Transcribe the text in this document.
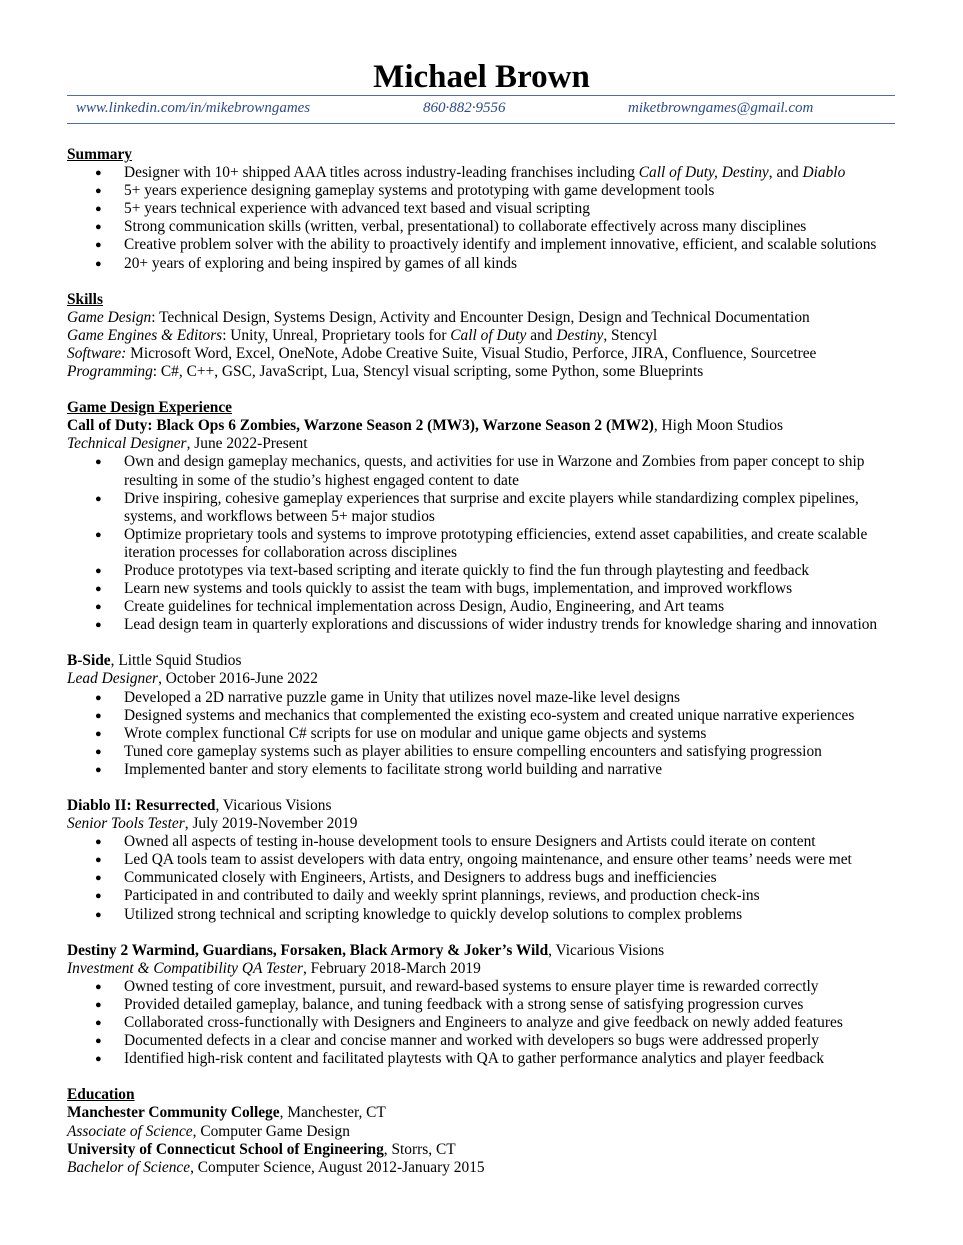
Michael Brown
www.linkedin.com/in/mikebrowngames	860·882·9556	miketbrowngames@gmail.com
Summary
● Designer with 10+ shipped AAA titles across industry-leading franchises including Call of Duty, Destiny, and Diablo
● 5+ years experience designing gameplay systems and prototyping with game development tools
● 5+ years technical experience with advanced text based and visual scripting
● Strong communication skills (written, verbal, presentational) to collaborate effectively across many disciplines
● Creative problem solver with the ability to proactively identify and implement innovative, efficient, and scalable solutions
● 20+ years of exploring and being inspired by games of all kinds
Skills
Game Design: Technical Design, Systems Design, Activity and Encounter Design, Design and Technical Documentation
Game Engines & Editors: Unity, Unreal, Proprietary tools for Call of Duty and Destiny, Stencyl
Software: Microsoft Word, Excel, OneNote, Adobe Creative Suite, Visual Studio, Perforce, JIRA, Confluence, Sourcetree
Programming: C#, C++, GSC, JavaScript, Lua, Stencyl visual scripting, some Python, some Blueprints
Game Design Experience
Call of Duty: Black Ops 6 Zombies, Warzone Season 2 (MW3), Warzone Season 2 (MW2), High Moon Studios
Technical Designer, June 2022-Present
● Own and design gameplay mechanics, quests, and activities for use in Warzone and Zombies from paper concept to ship resulting in some of the studio’s highest engaged content to date
● Drive inspiring, cohesive gameplay experiences that surprise and excite players while standardizing complex pipelines, systems, and workflows between 5+ major studios
● Optimize proprietary tools and systems to improve prototyping efficiencies, extend asset capabilities, and create scalable iteration processes for collaboration across disciplines
● Produce prototypes via text-based scripting and iterate quickly to find the fun through playtesting and feedback
● Learn new systems and tools quickly to assist the team with bugs, implementation, and improved workflows
● Create guidelines for technical implementation across Design, Audio, Engineering, and Art teams
● Lead design team in quarterly explorations and discussions of wider industry trends for knowledge sharing and innovation
B-Side, Little Squid Studios
Lead Designer, October 2016-June 2022
● Developed a 2D narrative puzzle game in Unity that utilizes novel maze-like level designs
● Designed systems and mechanics that complemented the existing eco-system and created unique narrative experiences
● Wrote complex functional C# scripts for use on modular and unique game objects and systems
● Tuned core gameplay systems such as player abilities to ensure compelling encounters and satisfying progression
● Implemented banter and story elements to facilitate strong world building and narrative
Diablo II: Resurrected, Vicarious Visions
Senior Tools Tester, July 2019-November 2019
● Owned all aspects of testing in-house development tools to ensure Designers and Artists could iterate on content
● Led QA tools team to assist developers with data entry, ongoing maintenance, and ensure other teams’ needs were met
● Communicated closely with Engineers, Artists, and Designers to address bugs and inefficiencies
● Participated in and contributed to daily and weekly sprint plannings, reviews, and production check-ins
● Utilized strong technical and scripting knowledge to quickly develop solutions to complex problems
Destiny 2 Warmind, Guardians, Forsaken, Black Armory & Joker’s Wild, Vicarious Visions
Investment & Compatibility QA Tester, February 2018-March 2019
● Owned testing of core investment, pursuit, and reward-based systems to ensure player time is rewarded correctly
● Provided detailed gameplay, balance, and tuning feedback with a strong sense of satisfying progression curves
● Collaborated cross-functionally with Designers and Engineers to analyze and give feedback on newly added features
● Documented defects in a clear and concise manner and worked with developers so bugs were addressed properly
● Identified high-risk content and facilitated playtests with QA to gather performance analytics and player feedback
Education
Manchester Community College, Manchester, CT
Associate of Science, Computer Game Design
University of Connecticut School of Engineering, Storrs, CT
Bachelor of Science, Computer Science, August 2012-January 2015
